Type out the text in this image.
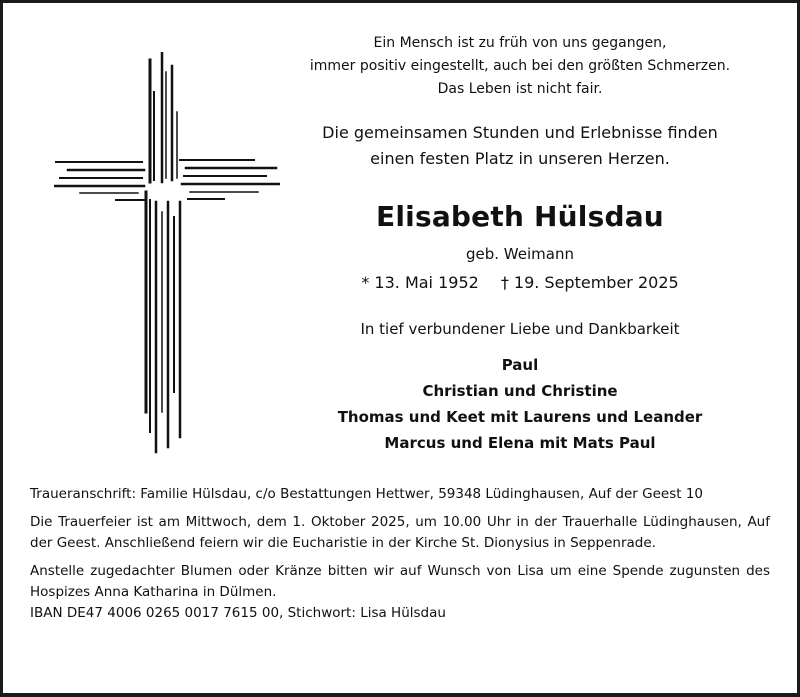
Ein Mensch ist zu früh von uns gegangen,
immer positiv eingestellt, auch bei den größten Schmerzen.
Das Leben ist nicht fair.
Die gemeinsamen Stunden und Erlebnisse finden
einen festen Platz in unseren Herzen.
Elisabeth Hülsdau
geb. Weimann
* 13. Mai 1952 † 19. September 2025
In tief verbundener Liebe und Dankbarkeit
Paul
Christian und Christine
Thomas und Keet mit Laurens und Leander
Marcus und Elena mit Mats Paul

Traueranschrift: Familie Hülsdau, c/o Bestattungen Hettwer, 59348 Lüdinghausen, Auf der Geest 10

Die Trauerfeier ist am Mittwoch, dem 1. Oktober 2025, um 10.00 Uhr in der Trauerhalle Lüdinghausen, Auf der Geest. Anschließend feiern wir die Eucharistie in der Kirche St. Dionysius in Seppenrade.

Anstelle zugedachter Blumen oder Kränze bitten wir auf Wunsch von Lisa um eine Spende zugunsten des Hospizes Anna Katharina in Dülmen.

IBAN DE47 4006 0265 0017 7615 00, Stichwort: Lisa Hülsdau
